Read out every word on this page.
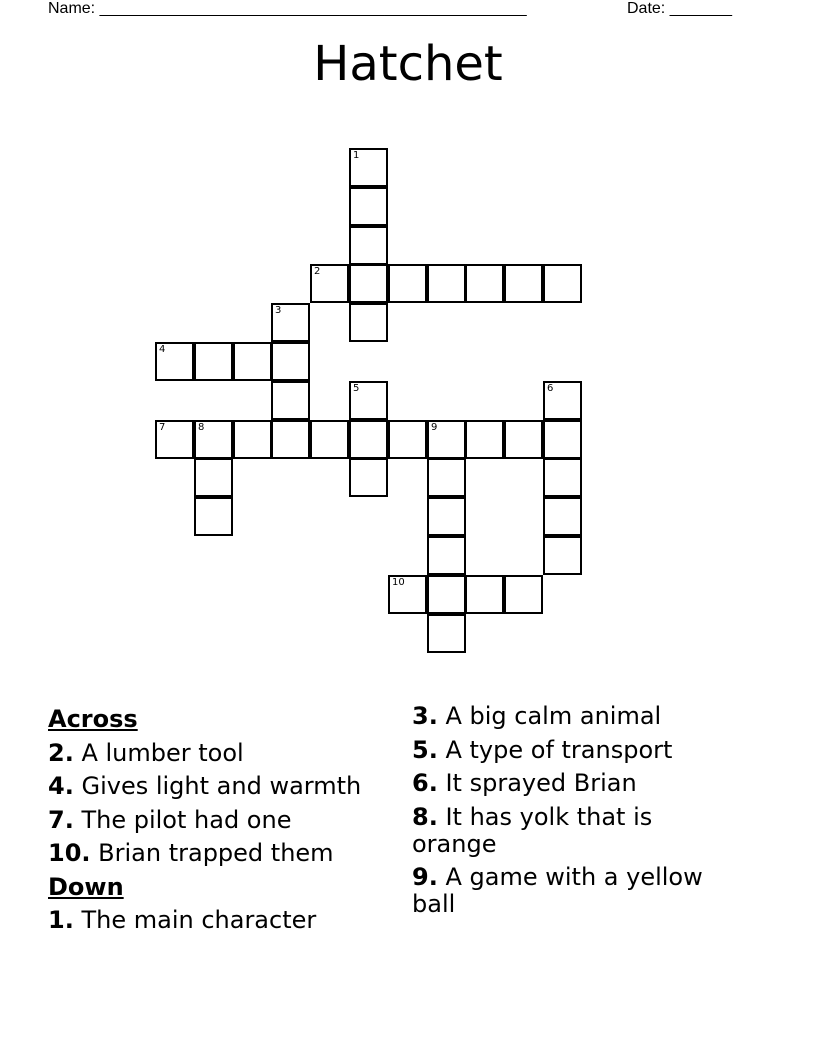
Name: ________________________________________________	Date: _______
Hatchet
1
2
3
4
5	6
7	8	9
10
Across
2. A lumber tool
4. Gives light and warmth
7. The pilot had one
10. Brian trapped them
Down
1. The main character
3. A big calm animal
5. A type of transport
6. It sprayed Brian
8. It has yolk that is orange
9. A game with a yellow ball
